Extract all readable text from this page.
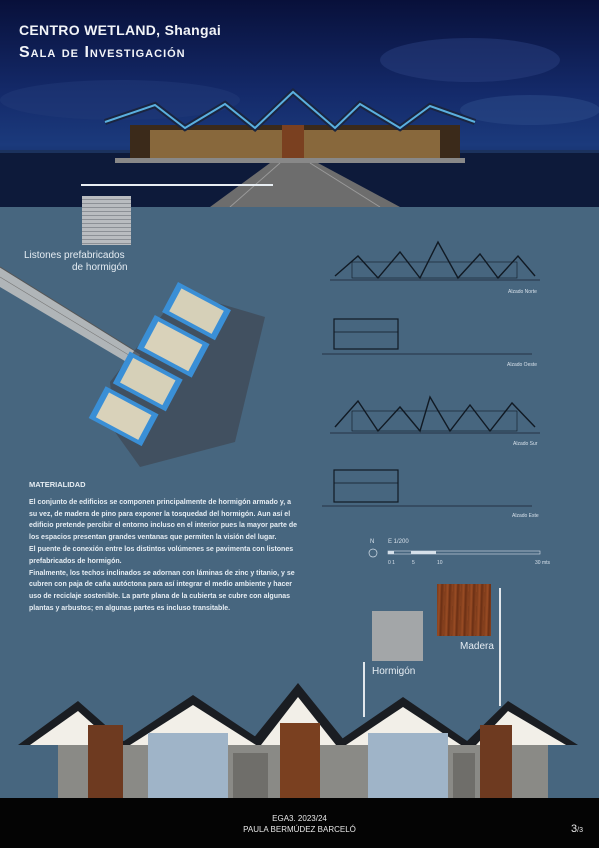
CENTRO WETLAND, Shangai
Sala de Investigación
Listones prefabricados
de hormigón
Alzado Norte
Alzado Oeste
Alzado Sur
Alzado Este
N E 1/200
0 1	5	10	30 mts
MATERIALIDAD

El conjunto de edificios se componen principalmente de hormigón armado y, a su vez, de madera de pino para exponer la tosquedad del hormigón. Aun así el edificio pretende percibir el entorno incluso en el interior pues la mayor parte de los espacios presentan grandes ventanas que permiten la visión del lugar.

El puente de conexión entre los distintos volúmenes se pavimenta con listones prefabricados de hormigón.

Finalmente, los techos inclinados se adornan con láminas de zinc y titanio, y se cubren con paja de caña autóctona para así integrar el medio ambiente y hacer uso de reciclaje sostenible. La parte plana de la cubierta se cubre con algunas plantas y arbustos; en algunas partes es incluso transitable.

Madera
Hormigón
EGA3. 2023/24
PAULA BERMÚDEZ BARCELÓ	3/3
